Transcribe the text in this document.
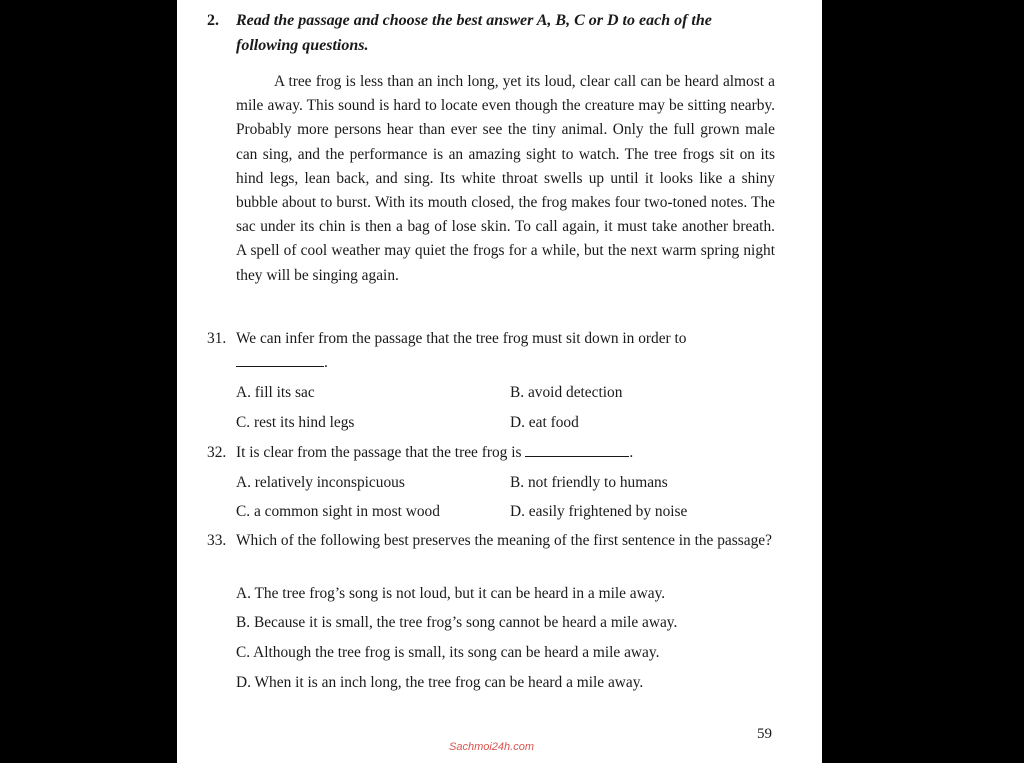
2. Read the passage and choose the best answer A, B, C or D to each of the
following questions.

A tree frog is less than an inch long, yet its loud, clear call can be heard almost a mile away. This sound is hard to locate even though the creature may be sitting nearby. Probably more persons hear than ever see the tiny animal. Only the full grown male can sing, and the performance is an amazing sight to watch. The tree frogs sit on its hind legs, lean back, and sing. Its white throat swells up until it looks like a shiny bubble about to burst. With its mouth closed, the frog makes four two-toned notes. The sac under its chin is then a bag of lose skin. To call again, it must take another breath. A spell of cool weather may quiet the frogs for a while, but the next warm spring night they will be singing again.

31. We can infer from the passage that the tree frog must sit down in order to
.
A. fill its sac	B. avoid detection
C. rest its hind legs	D. eat food
32. It is clear from the passage that the tree frog is	.
A. relatively inconspicuous	B. not friendly to humans
C. a common sight in most wood	D. easily frightened by noise
33. Which of the following best preserves the meaning of the first sentence in the passage?
A. The tree frog’s song is not loud, but it can be heard in a mile away.
B. Because it is small, the tree frog’s song cannot be heard a mile away.
C. Although the tree frog is small, its song can be heard a mile away.
D. When it is an inch long, the tree frog can be heard a mile away.
59
Sachmoi24h.com
